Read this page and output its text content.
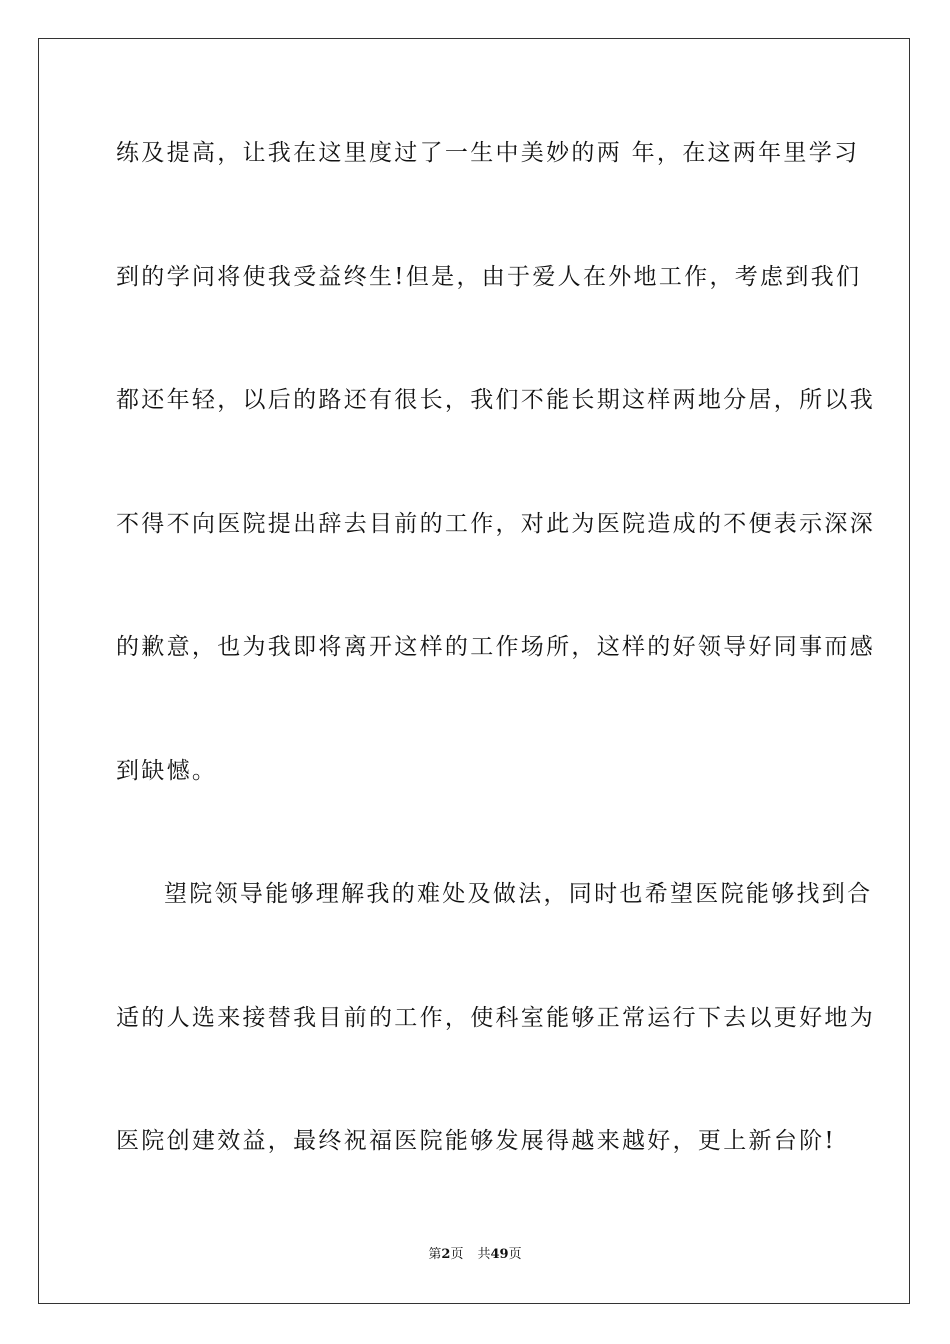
练及提高，让我在这里度过了一生中美妙的两 年，在这两年里学习
到的学问将使我受益终生!但是，由于爱人在外地工作，考虑到我们
都还年轻，以后的路还有很长，我们不能长期这样两地分居，所以我
不得不向医院提出辞去目前的工作，对此为医院造成的不便表示深深
的歉意，也为我即将离开这样的工作场所，这样的好领导好同事而感
到缺憾。
望院领导能够理解我的难处及做法，同时也希望医院能够找到合
适的人选来接替我目前的工作，使科室能够正常运行下去以更好地为
医院创建效益，最终祝福医院能够发展得越来越好，更上新台阶!
第2页 共49页
